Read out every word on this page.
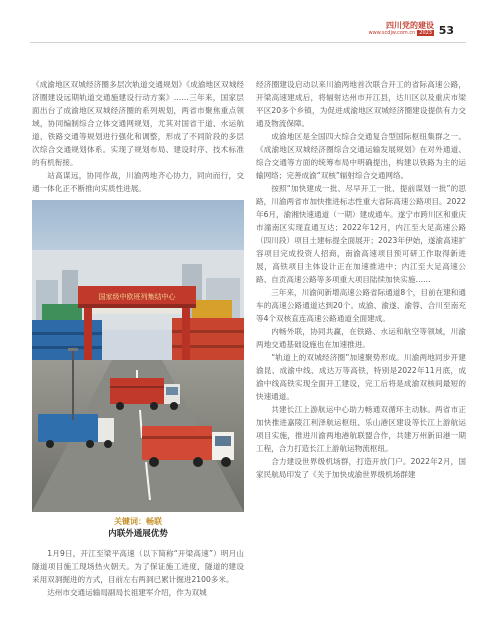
四川党的建设
www.scdjw.com.cn 2023 53

《成渝地区双城经济圈多层次轨道交通规划》《成渝地区双城经济圈建设远期轨道交通施建设行动方案》……三年来，国家层面出台了成渝地区双城经济圈的系列规划，两省市聚焦重点领域，协同编制综合立体交通网规划，尤其对国省干道、水运航道、铁路交通等规划进行强化和调整，形成了不同阶段的多层次综合交通规划体系。实现了规划布局、建设时序、技术标准的有机衔接。

站高谋远，协同作战，川渝两地齐心协力，同向而行，交通一体化正不断推向实质性进展。

国家级中欧班列集结中心
关键词：畅联
内联外通展优势

1月9日，开江至梁平高速（以下简称“开梁高速”）明月山隧道项目施工现场热火朝天。为了保证施工进度，隧道的建设采用双洞掘进的方式，目前左右两洞已累计掘进2100多米。

达州市交通运输局副局长祖建军介绍，作为双城

经济圈建设启动以来川渝两地首次联合开工的省际高速公路，开梁高速建成后，将辐射达州市开江县，达川区以及重庆市梁平区20多个乡镇，为促进成渝地区双城经济圈建设提供有力交通及物流保障。

成渝地区是全国四大综合交通复合型国际枢纽集群之一。《成渝地区双城经济圈综合交通运输发展规划》在对外通道、综合交通等方面的统筹布局中明确提出，构建以铁路为主的运输网络；完善成渝“双核”辐射综合交通网络。

按照“加快建成一批、尽早开工一批、提前谋划一批”的思路，川渝两省市加快推进标志性重大省际高速公路项目。2022年6月，渝湘快速通道（一期）建成通车。遂宁市跨川区和重庆市潼南区实现直通互达；2022年12月，内江至大足高速公路（四川段）项目土建标提全面展开；2023年伊始，遂渝高速扩容项目完成投资人招商，南渝高速项目预可研工作取得新进展，高铁项目主体设计正在加速推进中；内江至大足高速公路、自贡高速公路等多项重大项目陆续加快实施……

三年来，川渝间新增高速公路省际通道8个，目前在建和通车的高速公路通道达到20个。成渝、渝遂、渝蓉、合川至南充等4个双核直连高速公路通道全面建成。

内畅外联，协同共赢，在铁路、水运和航空等领域，川渝两地交通基础设施也在加速推进。

“轨道上的双城经济圈”加速聚势形成。川渝两地同步开建渝昆、成渝中线、成达万等高铁，特别是2022年11月底，成渝中线高铁实现全面开工建设，完工后将是成渝双核间最短的快速通道。

共建长江上游航运中心助力畅通双循环主动脉。两省市正加快推进嘉陵江利泽航运枢纽、乐山港区建设等长江上游航运项目实施，推进川渝两地港航联盟合作，共建万州新田港一期工程，合力打造长江上游航运物流枢纽。

合力建设世界级机场群，打造开放门户。2022年2月，国家民航局印发了《关于加快成渝世界级机场群建
